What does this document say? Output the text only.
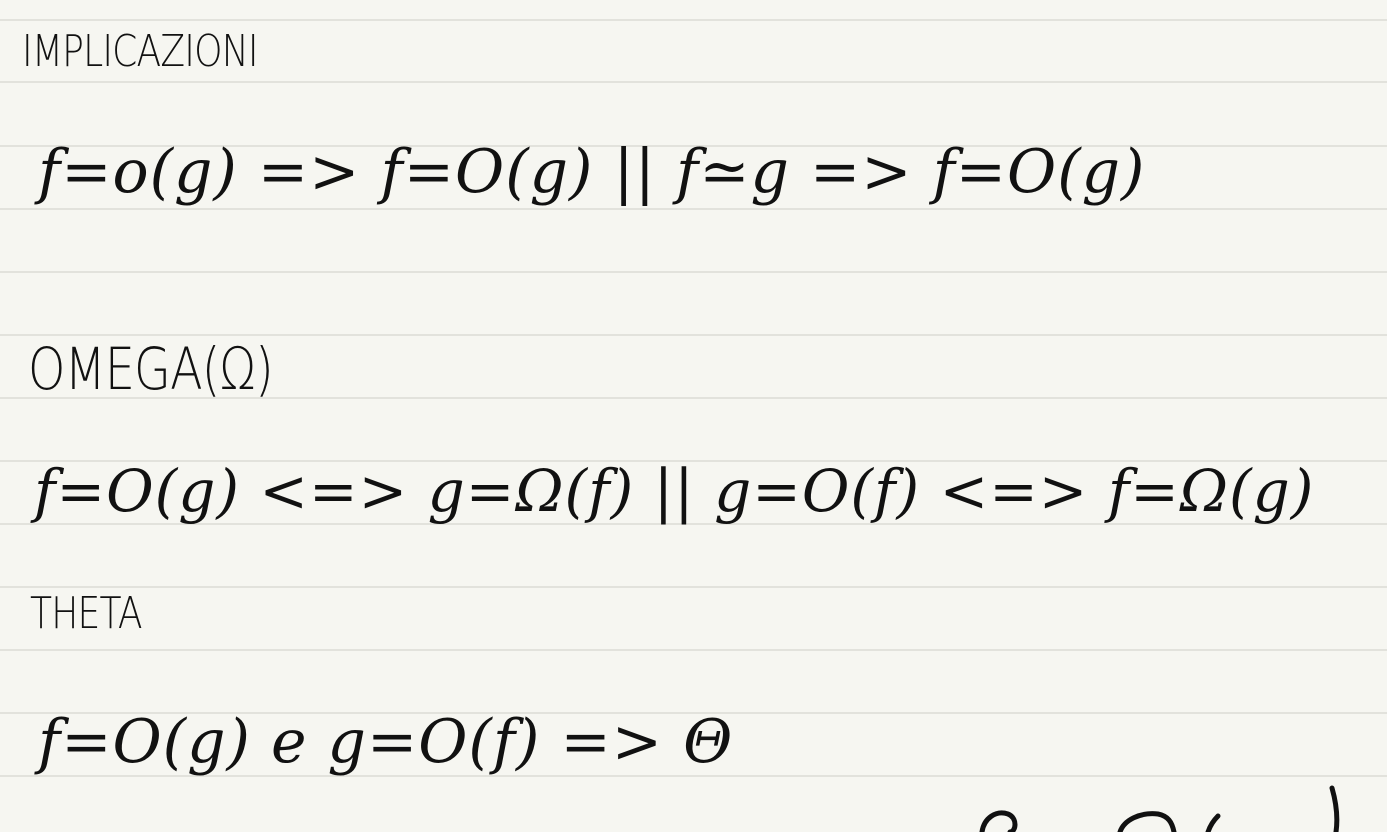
IMPLICAZIONI
f=o(g) => f=O(g) || f≃g => f=O(g)
OMEGA(Ω)
f=O(g) <=> g=Ω(f) || g=O(f) <=> f=Ω(g)
THETA
f=O(g) e g=O(f) => Θ
